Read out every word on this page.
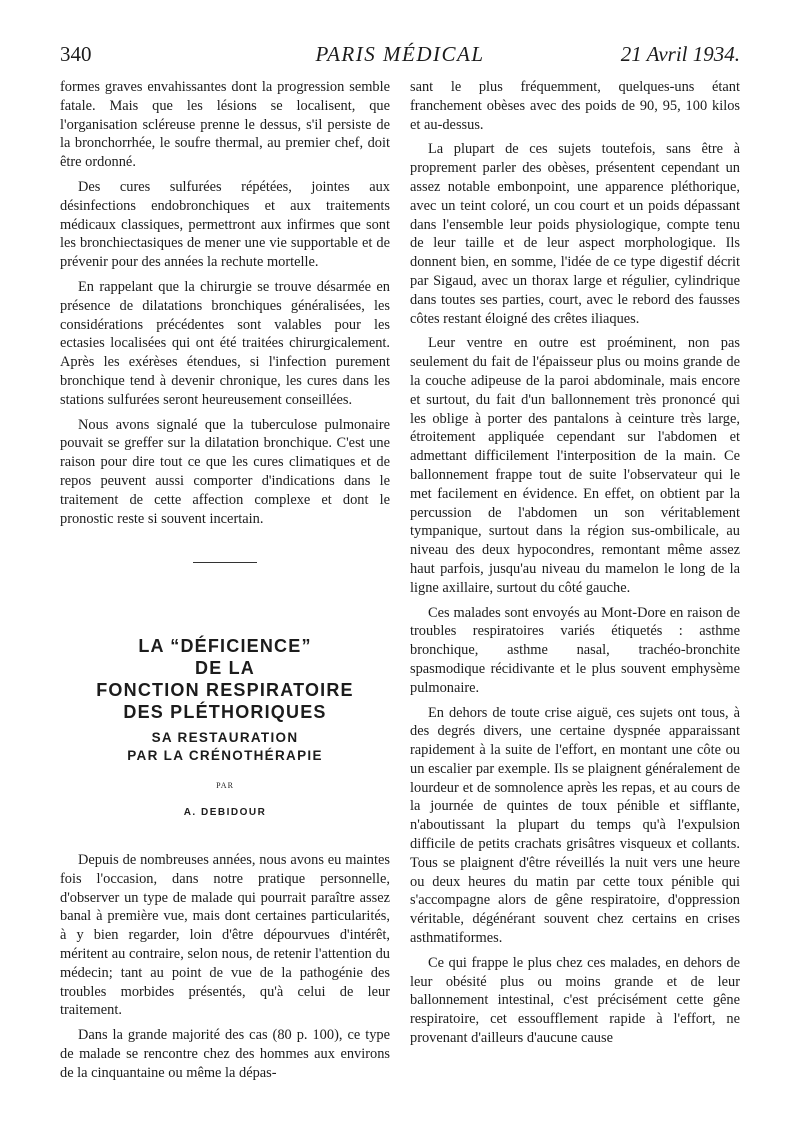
340	PARIS MÉDICAL	21 Avril 1934.

formes graves envahissantes dont la progression semble fatale. Mais que les lésions se localisent, que l'organisation scléreuse prenne le dessus, s'il persiste de la bronchorrhée, le soufre thermal, au premier chef, doit être ordonné.

Des cures sulfurées répétées, jointes aux désinfections endobronchiques et aux traitements médicaux classiques, permettront aux infirmes que sont les bronchiectasiques de mener une vie supportable et de prévenir pour des années la rechute mortelle.

En rappelant que la chirurgie se trouve désarmée en présence de dilatations bronchiques généralisées, les considérations précédentes sont valables pour les ectasies localisées qui ont été traitées chirurgicalement. Après les exérèses étendues, si l'infection purement bronchique tend à devenir chronique, les cures dans les stations sulfurées seront heureusement conseillées.

Nous avons signalé que la tuberculose pulmonaire pouvait se greffer sur la dilatation bronchique. C'est une raison pour dire tout ce que les cures climatiques et de repos peuvent aussi comporter d'indications dans le traitement de cette affection complexe et dont le pronostic reste si souvent incertain.

LA “DÉFICIENCE”
DE LA
FONCTION RESPIRATOIRE
DES PLÉTHORIQUES
SA RESTAURATION
PAR LA CRÉNOTHÉRAPIE
PAR
A. DEBIDOUR

Depuis de nombreuses années, nous avons eu maintes fois l'occasion, dans notre pratique personnelle, d'observer un type de malade qui pourrait paraître assez banal à première vue, mais dont certaines particularités, à y bien regarder, loin d'être dépourvues d'intérêt, méritent au contraire, selon nous, de retenir l'attention du médecin; tant au point de vue de la pathogénie des troubles morbides présentés, qu'à celui de leur traitement.

Dans la grande majorité des cas (80 p. 100), ce type de malade se rencontre chez des hommes aux environs de la cinquantaine ou même la dépas-

sant le plus fréquemment, quelques-uns étant franchement obèses avec des poids de 90, 95, 100 kilos et au-dessus.

La plupart de ces sujets toutefois, sans être à proprement parler des obèses, présentent cependant un assez notable embonpoint, une apparence pléthorique, avec un teint coloré, un cou court et un poids dépassant dans l'ensemble leur poids physiologique, compte tenu de leur taille et de leur aspect morphologique. Ils donnent bien, en somme, l'idée de ce type digestif décrit par Sigaud, avec un thorax large et régulier, cylindrique dans toutes ses parties, court, avec le rebord des fausses côtes restant éloigné des crêtes iliaques.

Leur ventre en outre est proéminent, non pas seulement du fait de l'épaisseur plus ou moins grande de la couche adipeuse de la paroi abdominale, mais encore et surtout, du fait d'un ballonnement très prononcé qui les oblige à porter des pantalons à ceinture très large, étroitement appliquée cependant sur l'abdomen et admettant difficilement l'interposition de la main. Ce ballonnement frappe tout de suite l'observateur qui le met facilement en évidence. En effet, on obtient par la percussion de l'abdomen un son véritablement tympanique, surtout dans la région sus-ombilicale, au niveau des deux hypocondres, remontant même assez haut parfois, jusqu'au niveau du mamelon le long de la ligne axillaire, surtout du côté gauche.

Ces malades sont envoyés au Mont-Dore en raison de troubles respiratoires variés étiquetés : asthme bronchique, asthme nasal, trachéo-bronchite spasmodique récidivante et le plus souvent emphysème pulmonaire.

En dehors de toute crise aiguë, ces sujets ont tous, à des degrés divers, une certaine dyspnée apparaissant rapidement à la suite de l'effort, en montant une côte ou un escalier par exemple. Ils se plaignent généralement de lourdeur et de somnolence après les repas, et au cours de la journée de quintes de toux pénible et sifflante, n'aboutissant la plupart du temps qu'à l'expulsion difficile de petits crachats grisâtres visqueux et collants. Tous se plaignent d'être réveillés la nuit vers une heure ou deux heures du matin par cette toux pénible qui s'accompagne alors de gêne respiratoire, d'oppression véritable, dégénérant souvent chez certains en crises asthmatiformes.

Ce qui frappe le plus chez ces malades, en dehors de leur obésité plus ou moins grande et de leur ballonnement intestinal, c'est précisément cette gêne respiratoire, cet essoufflement rapide à l'effort, ne provenant d'ailleurs d'aucune cause
